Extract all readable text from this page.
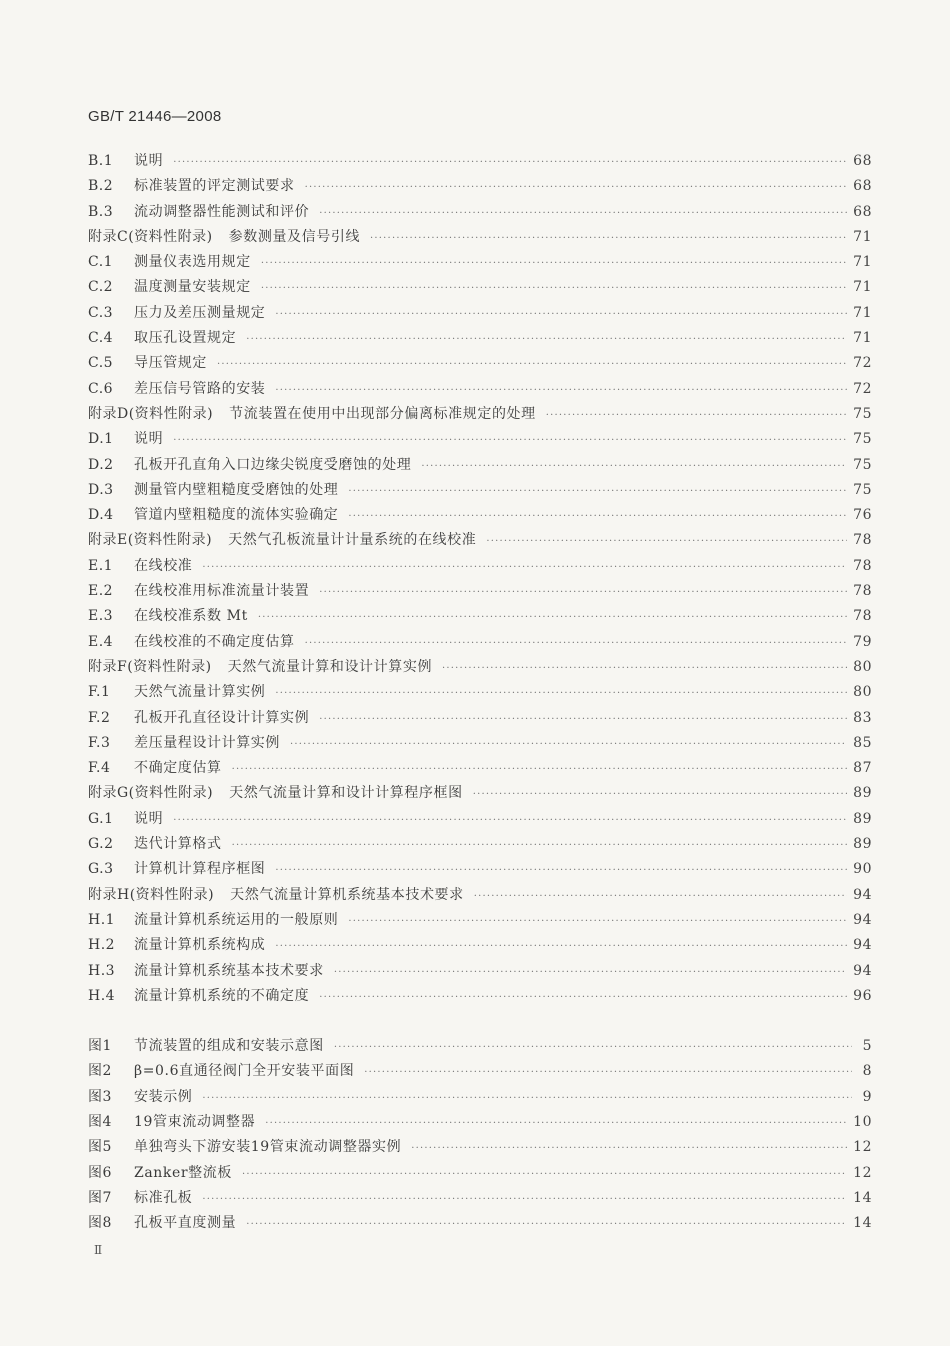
GB/T 21446—2008
B.1	说明 ·····	68
B.2	标准装置的评定测试要求 ·····	68
B.3	流动调整器性能测试和评价 ·····	68
附录C(资料性附录) 参数测量及信号引线 ·····	71
C.1	测量仪表选用规定 ·····	71
C.2	温度测量安装规定 ·····	71
C.3	压力及差压测量规定 ·····	71
C.4	取压孔设置规定 ·····	71
C.5	导压管规定 ·····	72
C.6	差压信号管路的安装 ·····	72
附录D(资料性附录) 节流装置在使用中出现部分偏离标准规定的处理 ·····	75
D.1	说明 ·····	75
D.2	孔板开孔直角入口边缘尖锐度受磨蚀的处理 ·····	75
D.3	测量管内壁粗糙度受磨蚀的处理 ·····	75
D.4	管道内壁粗糙度的流体实验确定 ·····	76
附录E(资料性附录) 天然气孔板流量计计量系统的在线校准 ·····	78
E.1	在线校准 ·····	78
E.2	在线校准用标准流量计装置 ·····	78
E.3	在线校准系数 Mt ·····	78
E.4	在线校准的不确定度估算 ·····	79
附录F(资料性附录) 天然气流量计算和设计计算实例 ·····	80
F.1	天然气流量计算实例 ·····	80
F.2	孔板开孔直径设计计算实例 ·····	83
F.3	差压量程设计计算实例 ·····	85
F.4	不确定度估算 ·····	87
附录G(资料性附录) 天然气流量计算和设计计算程序框图 ·····	89
G.1	说明 ·····	89
G.2	迭代计算格式 ·····	89
G.3	计算机计算程序框图 ·····	90
附录H(资料性附录) 天然气流量计算机系统基本技术要求 ·····	94
H.1	流量计算机系统运用的一般原则 ·····	94
H.2	流量计算机系统构成 ·····	94
H.3	流量计算机系统基本技术要求 ·····	94
H.4	流量计算机系统的不确定度 ·····	96
图1	节流装置的组成和安装示意图 ·····	5
图2	β=0.6直通径阀门全开安装平面图 ·····	8
图3	安装示例 ·····	9
图4	19管束流动调整器 ·····	10
图5	单独弯头下游安装19管束流动调整器实例 ·····	12
图6	Zanker整流板 ·····	12
图7	标准孔板 ·····	14
图8	孔板平直度测量 ·····	14
Ⅱ
